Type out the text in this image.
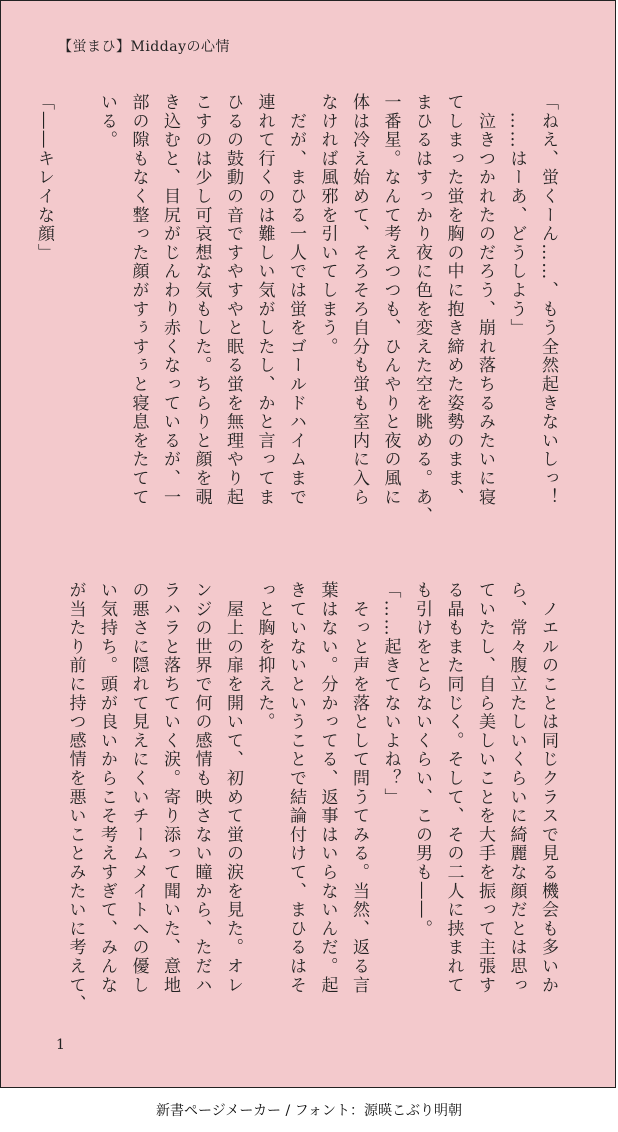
【蛍まひ】Middayの心情
「ねえ、蛍くーん……、もう全然起きないしっ！
　……はーあ、どうしよう」
　泣きつかれたのだろう、崩れ落ちるみたいに寝
てしまった蛍を胸の中に抱き締めた姿勢のまま、
まひるはすっかり夜に色を変えた空を眺める。あ、
一番星。なんて考えつつも、ひんやりと夜の風に
体は冷え始めて、そろそろ自分も蛍も室内に入ら
なければ風邪を引いてしまう。
　だが、まひる一人では蛍をゴールドハイムまで
連れて行くのは難しい気がしたし、かと言ってま
ひるの鼓動の音ですやすやと眠る蛍を無理やり起
こすのは少し可哀想な気もした。ちらりと顔を覗
き込むと、目尻がじんわり赤くなっているが、一
部の隙もなく整った顔がすぅすぅと寝息をたてて
いる。

「――キレイな顔」
　ノエルのことは同じクラスで見る機会も多いか
ら、常々腹立たしいくらいに綺麗な顔だとは思っ
ていたし、自ら美しいことを大手を振って主張す
る晶もまた同じく。そして、その二人に挟まれて
も引けをとらないくらい、この男も――。
「……起きてないよね？」
　そっと声を落として問うてみる。当然、返る言
葉はない。分かってる、返事はいらないんだ。起
きていないということで結論付けて、まひるはそ
っと胸を抑えた。
　屋上の扉を開いて、初めて蛍の涙を見た。オレ
ンジの世界で何の感情も映さない瞳から、ただハ
ラハラと落ちていく涙。寄り添って聞いた、意地
の悪さに隠れて見えにくいチームメイトへの優し
い気持ち。頭が良いからこそ考えすぎて、みんな
が当たり前に持つ感情を悪いことみたいに考えて、
1
新書ページメーカー / フォント：源暎こぶり明朝
